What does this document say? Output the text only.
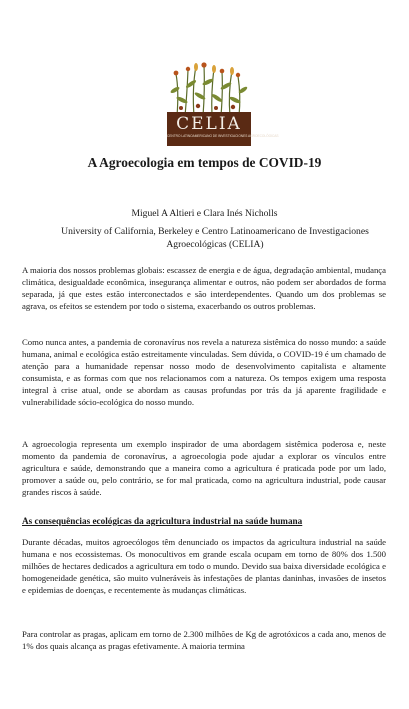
CELIA
CENTRO LATINOAMERICANO DE INVESTIGACIONES AGROECOLÓGICAS
A Agroecologia em tempos de COVID-19
Miguel A Altieri e Clara Inés Nicholls
University of California, Berkeley e Centro Latinoamericano de Investigaciones Agroecológicas (CELIA)

A maioria dos nossos problemas globais: escassez de energia e de água, degradação ambiental, mudança climática, desigualdade econômica, insegurança alimentar e outros, não podem ser abordados de forma separada, já que estes estão interconectados e são interdependentes. Quando um dos problemas se agrava, os efeitos se estendem por todo o sistema, exacerbando os outros problemas.

Como nunca antes, a pandemia de coronavírus nos revela a natureza sistêmica do nosso mundo: a saúde humana, animal e ecológica estão estreitamente vinculadas. Sem dúvida, o COVID-19 é um chamado de atenção para a humanidade repensar nosso modo de desenvolvimento capitalista e altamente consumista, e as formas com que nos relacionamos com a natureza. Os tempos exigem uma resposta integral à crise atual, onde se abordam as causas profundas por trás da já aparente fragilidade e vulnerabilidade sócio-ecológica do nosso mundo.

A agroecologia representa um exemplo inspirador de uma abordagem sistêmica poderosa e, neste momento da pandemia de coronavírus, a agroecologia pode ajudar a explorar os vínculos entre agricultura e saúde, demonstrando que a maneira como a agricultura é praticada pode por um lado, promover a saúde ou, pelo contrário, se for mal praticada, como na agricultura industrial, pode causar grandes riscos à saúde.

As consequências ecológicas da agricultura industrial na saúde humana

Durante décadas, muitos agroecólogos têm denunciado os impactos da agricultura industrial na saúde humana e nos ecossistemas. Os monocultivos em grande escala ocupam em torno de 80% dos 1.500 milhões de hectares dedicados a agricultura em todo o mundo. Devido sua baixa diversidade ecológica e homogeneidade genética, são muito vulneráveis às infestações de plantas daninhas, invasões de insetos e epidemias de doenças, e recentemente às mudanças climáticas.

Para controlar as pragas, aplicam em torno de 2.300 milhões de Kg de agrotóxicos a cada ano, menos de 1% dos quais alcança as pragas efetivamente. A maioria termina
